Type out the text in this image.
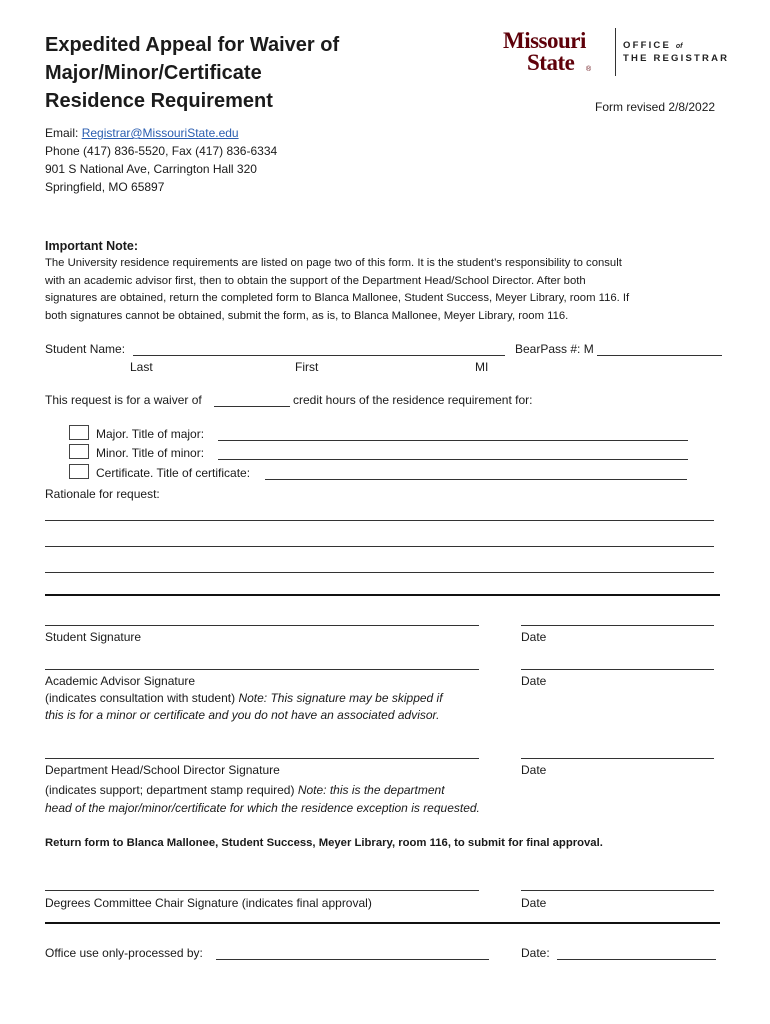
Expedited Appeal for Waiver of
Major/Minor/Certificate
Residence Requirement
Missouri
State ®
OFFICE of
THE REGISTRAR
Form revised 2/8/2022
Email: Registrar@MissouriState.edu
Phone (417) 836-5520, Fax (417) 836-6334
901 S National Ave, Carrington Hall 320
Springfield, MO 65897
Important Note:
The University residence requirements are listed on page two of this form. It is the student’s responsibility to consult
with an academic advisor first, then to obtain the support of the Department Head/School Director. After both
signatures are obtained, return the completed form to Blanca Mallonee, Student Success, Meyer Library, room 116. If
both signatures cannot be obtained, submit the form, as is, to Blanca Mallonee, Meyer Library, room 116.
Student Name:	BearPass #: M
Last	First	MI
This request is for a waiver of	credit hours of the residence requirement for:
Major. Title of major:
Minor. Title of minor:
Certificate. Title of certificate:
Rationale for request:
Student Signature	Date
Academic Advisor Signature	Date
(indicates consultation with student) Note: This signature may be skipped if
this is for a minor or certificate and you do not have an associated advisor.
Department Head/School Director Signature	Date
(indicates support; department stamp required) Note: this is the department
head of the major/minor/certificate for which the residence exception is requested.
Return form to Blanca Mallonee, Student Success, Meyer Library, room 116, to submit for final approval.
Degrees Committee Chair Signature (indicates final approval)	Date
Office use only-processed by:	Date:
